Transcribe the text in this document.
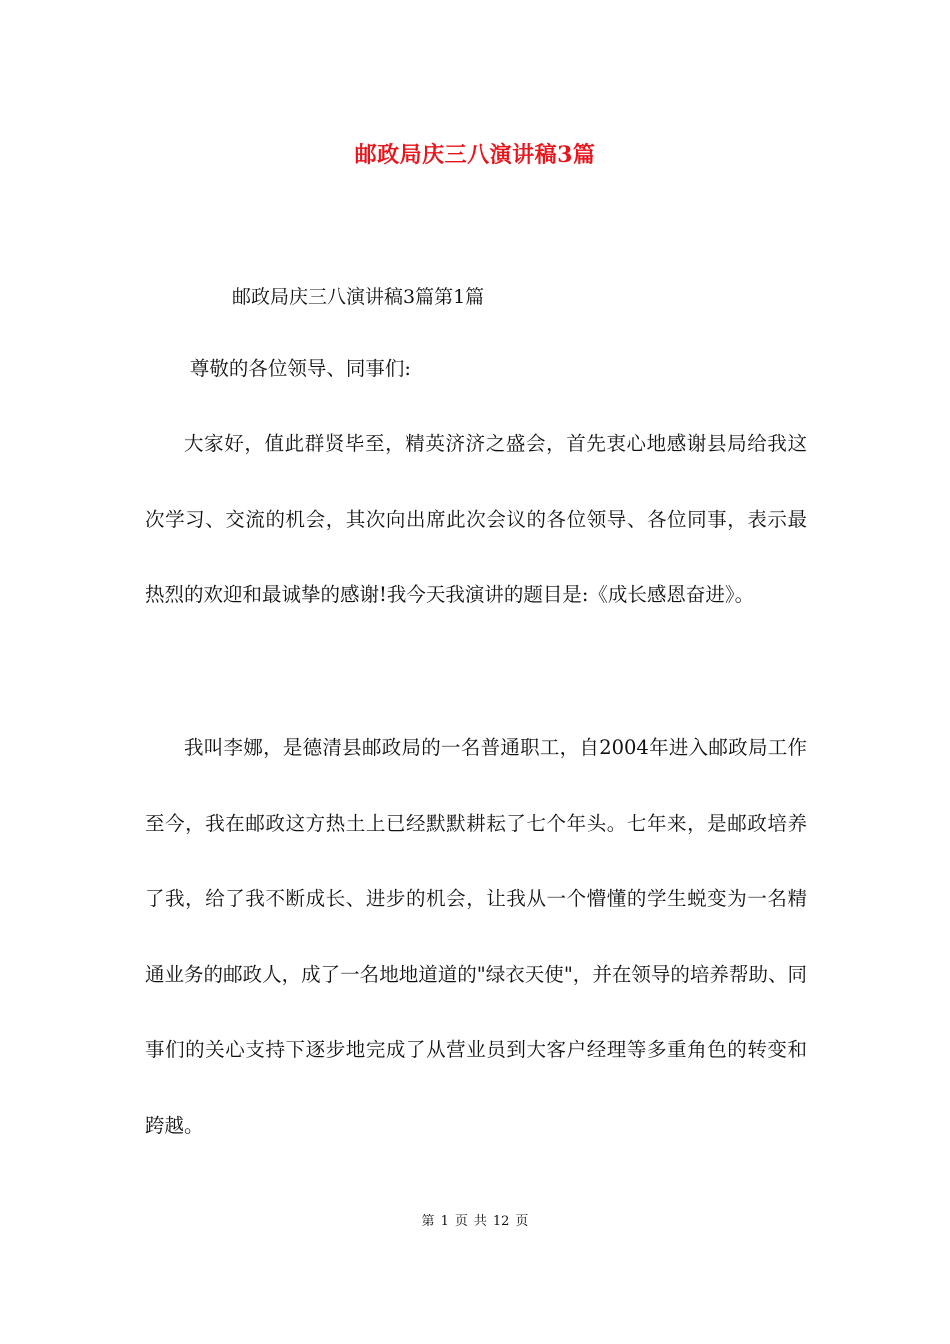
邮政局庆三八演讲稿3篇
邮政局庆三八演讲稿3篇第1篇

尊敬的各位领导、同事们:

大家好，值此群贤毕至，精英济济之盛会，首先衷心地感谢县局给我这次学习、交流的机会，其次向出席此次会议的各位领导、各位同事，表示最热烈的欢迎和最诚挚的感谢!我今天我演讲的题目是:《成长感恩奋进》。

我叫李娜，是德清县邮政局的一名普通职工，自2004年进入邮政局工作至今，我在邮政这方热土上已经默默耕耘了七个年头。七年来，是邮政培养了我，给了我不断成长、进步的机会，让我从一个懵懂的学生蜕变为一名精通业务的邮政人，成了一名地地道道的"绿衣天使"，并在领导的培养帮助、同事们的关心支持下逐步地完成了从营业员到大客户经理等多重角色的转变和跨越。

第 1 页 共 12 页
